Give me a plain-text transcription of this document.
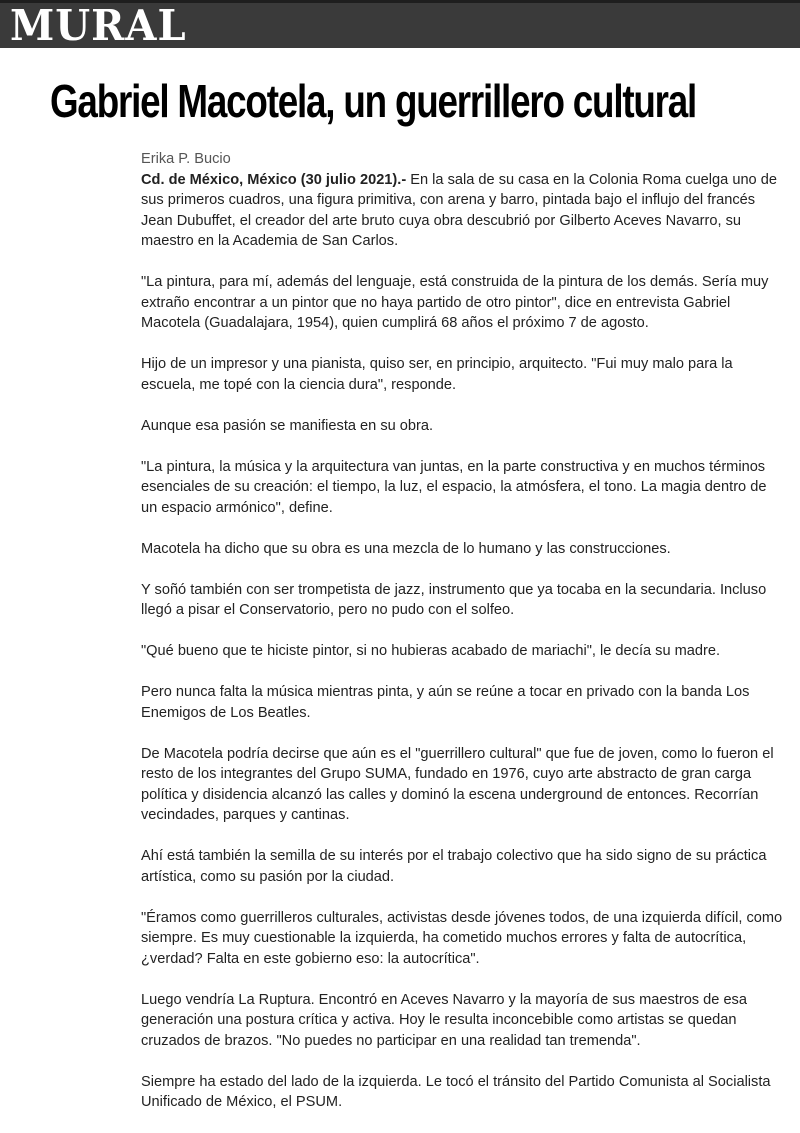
MURAL
Gabriel Macotela, un guerrillero cultural
Erika P. Bucio

Cd. de México, México (30 julio 2021).- En la sala de su casa en la Colonia Roma cuelga uno de sus primeros cuadros, una figura primitiva, con arena y barro, pintada bajo el influjo del francés Jean Dubuffet, el creador del arte bruto cuya obra descubrió por Gilberto Aceves Navarro, su maestro en la Academia de San Carlos.

"La pintura, para mí, además del lenguaje, está construida de la pintura de los demás. Sería muy extraño encontrar a un pintor que no haya partido de otro pintor", dice en entrevista Gabriel Macotela (Guadalajara, 1954), quien cumplirá 68 años el próximo 7 de agosto.

Hijo de un impresor y una pianista, quiso ser, en principio, arquitecto. "Fui muy malo para la escuela, me topé con la ciencia dura", responde.

Aunque esa pasión se manifiesta en su obra.

"La pintura, la música y la arquitectura van juntas, en la parte constructiva y en muchos términos esenciales de su creación: el tiempo, la luz, el espacio, la atmósfera, el tono. La magia dentro de un espacio armónico", define.

Macotela ha dicho que su obra es una mezcla de lo humano y las construcciones.

Y soñó también con ser trompetista de jazz, instrumento que ya tocaba en la secundaria. Incluso llegó a pisar el Conservatorio, pero no pudo con el solfeo.

"Qué bueno que te hiciste pintor, si no hubieras acabado de mariachi", le decía su madre.

Pero nunca falta la música mientras pinta, y aún se reúne a tocar en privado con la banda Los Enemigos de Los Beatles.

De Macotela podría decirse que aún es el "guerrillero cultural" que fue de joven, como lo fueron el resto de los integrantes del Grupo SUMA, fundado en 1976, cuyo arte abstracto de gran carga política y disidencia alcanzó las calles y dominó la escena underground de entonces. Recorrían vecindades, parques y cantinas.

Ahí está también la semilla de su interés por el trabajo colectivo que ha sido signo de su práctica artística, como su pasión por la ciudad.

"Éramos como guerrilleros culturales, activistas desde jóvenes todos, de una izquierda difícil, como siempre. Es muy cuestionable la izquierda, ha cometido muchos errores y falta de autocrítica, ¿verdad? Falta en este gobierno eso: la autocrítica".

Luego vendría La Ruptura. Encontró en Aceves Navarro y la mayoría de sus maestros de esa generación una postura crítica y activa. Hoy le resulta inconcebible como artistas se quedan cruzados de brazos. "No puedes no participar en una realidad tan tremenda".

Siempre ha estado del lado de la izquierda. Le tocó el tránsito del Partido Comunista al Socialista Unificado de México, el PSUM.
